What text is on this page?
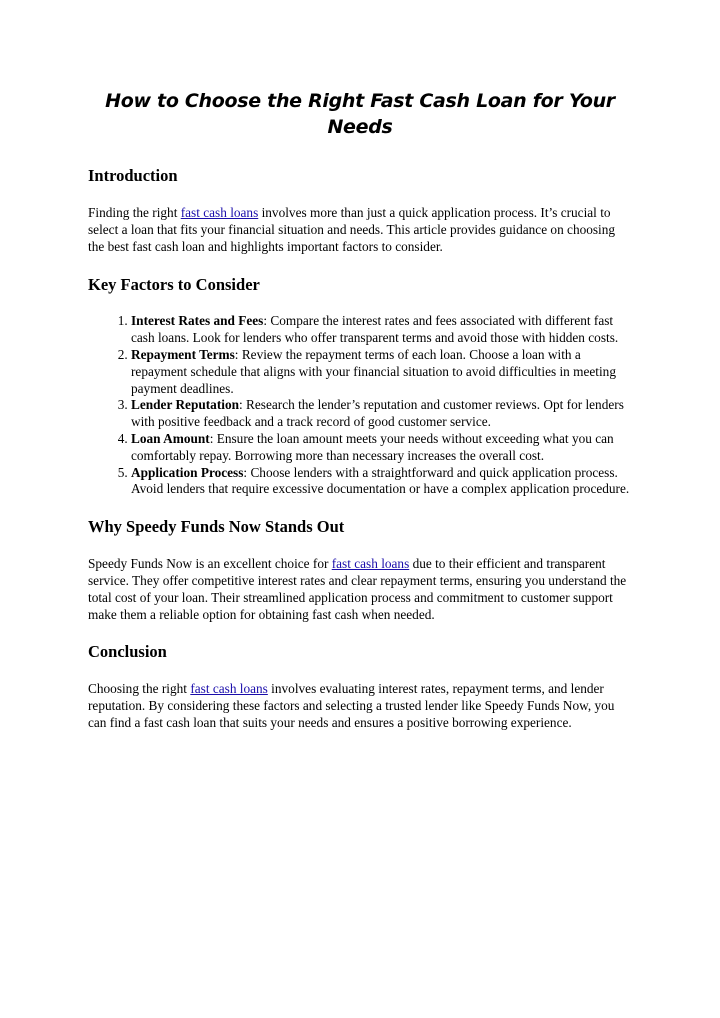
How to Choose the Right Fast Cash Loan for Your Needs
Introduction

Finding the right fast cash loans involves more than just a quick application process. It’s crucial to select a loan that fits your financial situation and needs. This article provides guidance on choosing the best fast cash loan and highlights important factors to consider.

Key Factors to Consider
1. Interest Rates and Fees: Compare the interest rates and fees associated with different fast cash loans. Look for lenders who offer transparent terms and avoid those with hidden costs.
2. Repayment Terms: Review the repayment terms of each loan. Choose a loan with a repayment schedule that aligns with your financial situation to avoid difficulties in meeting payment deadlines.
3. Lender Reputation: Research the lender’s reputation and customer reviews. Opt for lenders with positive feedback and a track record of good customer service.
4. Loan Amount: Ensure the loan amount meets your needs without exceeding what you can comfortably repay. Borrowing more than necessary increases the overall cost.
5. Application Process: Choose lenders with a straightforward and quick application process. Avoid lenders that require excessive documentation or have a complex application procedure.
Why Speedy Funds Now Stands Out

Speedy Funds Now is an excellent choice for fast cash loans due to their efficient and transparent service. They offer competitive interest rates and clear repayment terms, ensuring you understand the total cost of your loan. Their streamlined application process and commitment to customer support make them a reliable option for obtaining fast cash when needed.

Conclusion

Choosing the right fast cash loans involves evaluating interest rates, repayment terms, and lender reputation. By considering these factors and selecting a trusted lender like Speedy Funds Now, you can find a fast cash loan that suits your needs and ensures a positive borrowing experience.
